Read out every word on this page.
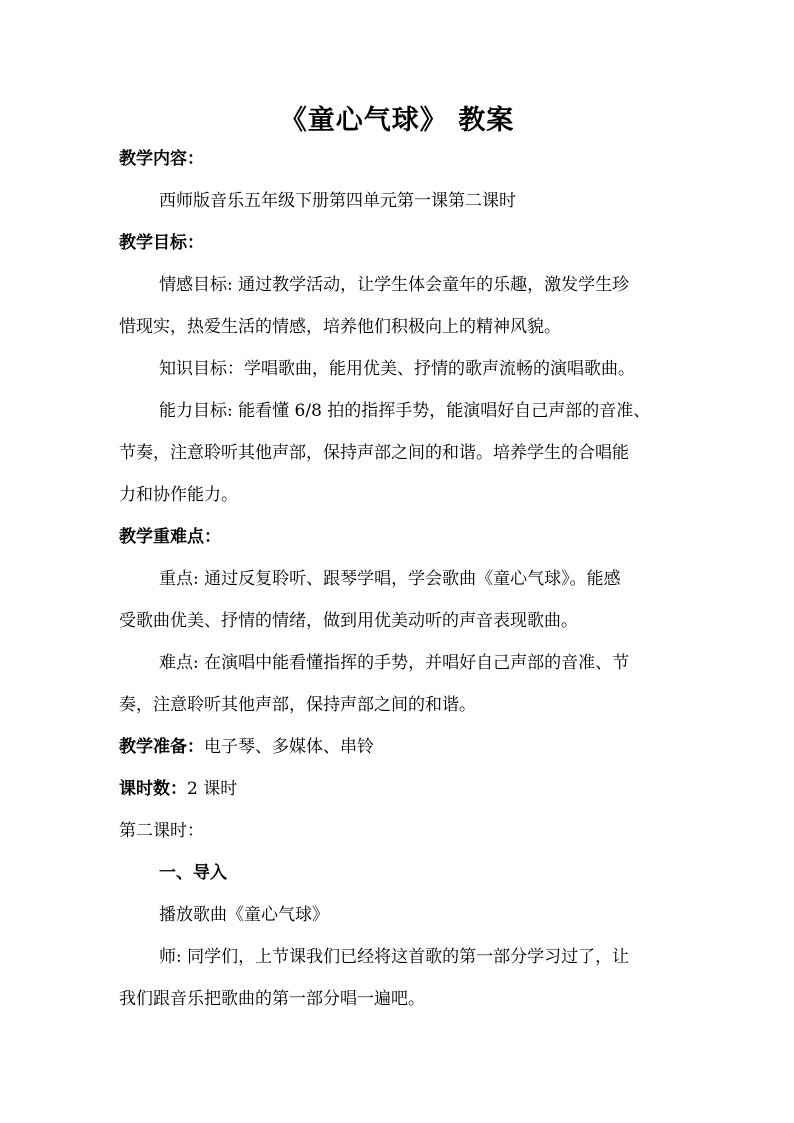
《童心气球》 教案
教学内容：
西师版音乐五年级下册第四单元第一课第二课时
教学目标：
情感目标: 通过教学活动，让学生体会童年的乐趣，激发学生珍
惜现实，热爱生活的情感，培养他们积极向上的精神风貌。
知识目标：学唱歌曲，能用优美、抒情的歌声流畅的演唱歌曲。
能力目标: 能看懂 6/8 拍的指挥手势，能演唱好自己声部的音准、
节奏，注意聆听其他声部，保持声部之间的和谐。培养学生的合唱能
力和协作能力。
教学重难点：
重点: 通过反复聆听、跟琴学唱，学会歌曲《童心气球》。能感
受歌曲优美、抒情的情绪，做到用优美动听的声音表现歌曲。
难点: 在演唱中能看懂指挥的手势，并唱好自己声部的音准、节
奏，注意聆听其他声部，保持声部之间的和谐。
教学准备：电子琴、多媒体、串铃
课时数：2 课时
第二课时：
一、导入
播放歌曲《童心气球》
师: 同学们，上节课我们已经将这首歌的第一部分学习过了，让
我们跟音乐把歌曲的第一部分唱一遍吧。
